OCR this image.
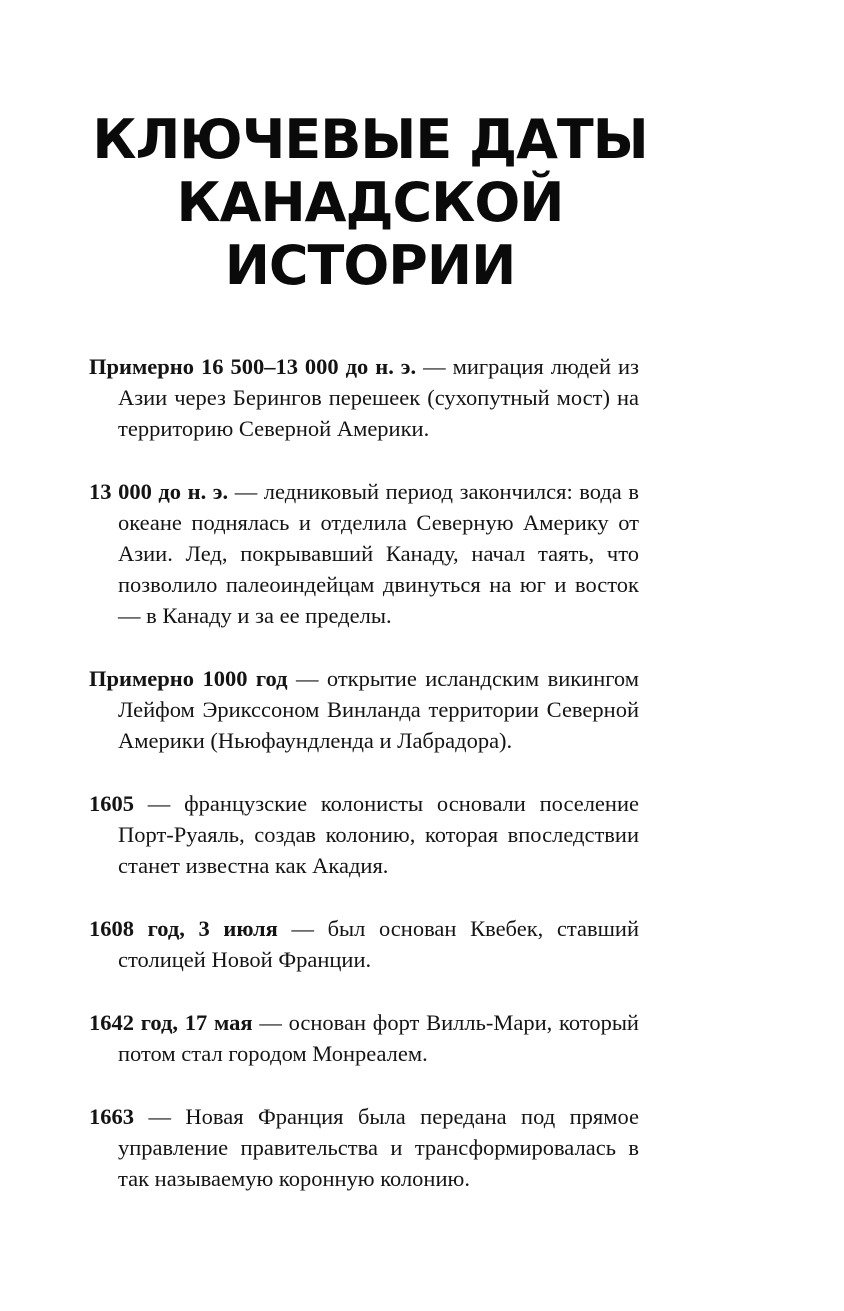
КЛЮЧЕВЫЕ ДАТЫ
КАНАДСКОЙ
ИСТОРИИ

Примерно 16 500–13 000 до н. э. — миграция людей из Азии через Берингов перешеек (сухопутный мост) на территорию Северной Америки.

13 000 до н. э. — ледниковый период закончился: вода в океане поднялась и отделила Северную Америку от Азии. Лед, покрывавший Канаду, начал таять, что позволило палеоиндейцам двинуться на юг и восток — в Канаду и за ее пределы.

Примерно 1000 год — открытие исландским викингом Лейфом Эрикссоном Винланда территории Северной Америки (Ньюфаундленда и Лабрадора).

1605 — французские колонисты основали поселение Порт-Руаяль, создав колонию, которая впоследствии станет известна как Акадия.

1608 год, 3 июля — был основан Квебек, ставший столицей Новой Франции.

1642 год, 17 мая — основан форт Вилль-Мари, который потом стал городом Монреалем.

1663 — Новая Франция была передана под прямое управление правительства и трансформировалась в так называемую коронную колонию.
